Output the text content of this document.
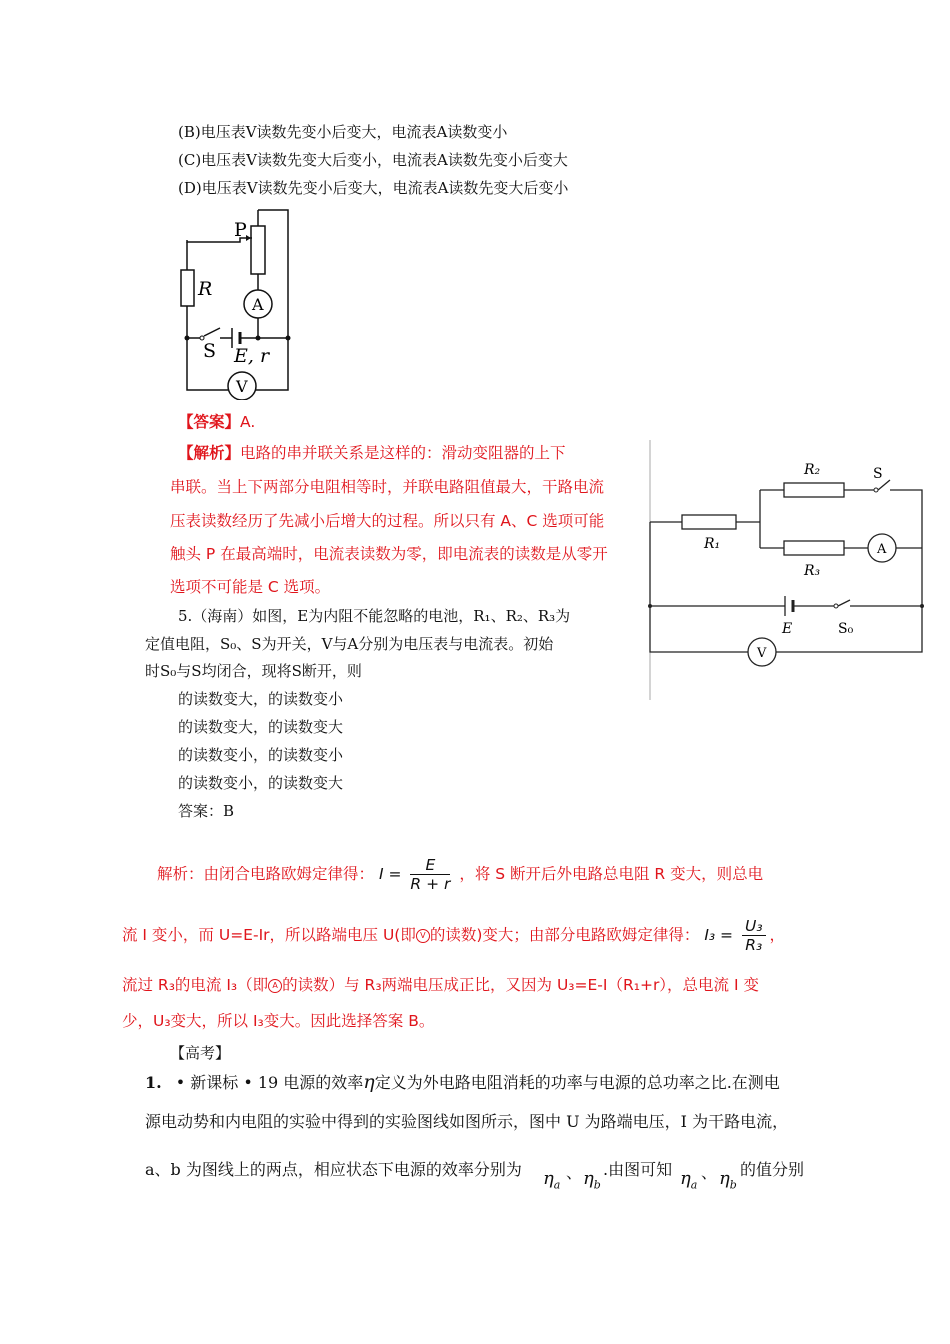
(B)电压表V读数先变小后变大，电流表A读数变小
(C)电压表V读数先变大后变小，电流表A读数先变小后变大
(D)电压表V读数先变小后变大，电流表A读数先变大后变小
P
R
A
S E, r
V
【答案】A.
【解析】电路的串并联关系是这样的：滑动变阻器的上下
串联。当上下两部分电阻相等时，并联电路阻值最大，干路电流
压表读数经历了先减小后增大的过程。所以只有 A、C 选项可能
触头 P 在最高端时，电流表读数为零，即电流表的读数是从零开
选项不可能是 C 选项。
R₁
R₂
R₃
S
A
E	S₀
V
5.（海南）如图，E为内阻不能忽略的电池，R₁、R₂、R₃为
定值电阻，S₀、S为开关，V与A分别为电压表与电流表。初始
时S₀与S均闭合，现将S断开，则
的读数变大，的读数变小
的读数变大，的读数变大
的读数变小，的读数变小
的读数变小，的读数变大
答案：B
解析：由闭合电路欧姆定律得： $I = \frac{E}{R + r}$ ，将 S 断开后外电路总电阻 R 变大，则总电
流 I 变小，而 U=E-Ir，所以路端电压 U(即 V 的读数)变大；由部分电路欧姆定律得： $I_3 = \frac{\text{U₃}}{\text{R₃}}$ ，
流过 R₃的电流 I₃（即 A 的读数）与 R₃两端电压成正比，又因为 U₃=E-I（R₁+r），总电流 I 变
少，U₃变大，所以 I₃变大。因此选择答案 B。
【高考】
1. • 新课标 • 19 电源的效率η定义为外电路电阻消耗的功率与电源的总功率之比.在测电
源电动势和内电阻的实验中得到的实验图线如图所示，图中 U 为路端电压，I 为干路电流，
a、b 为图线上的两点，相应状态下电源的效率分别为 $\eta_a$
、 $\eta_b$
.由图可知 $\eta_a$
、 $\eta_b$
的值分别
